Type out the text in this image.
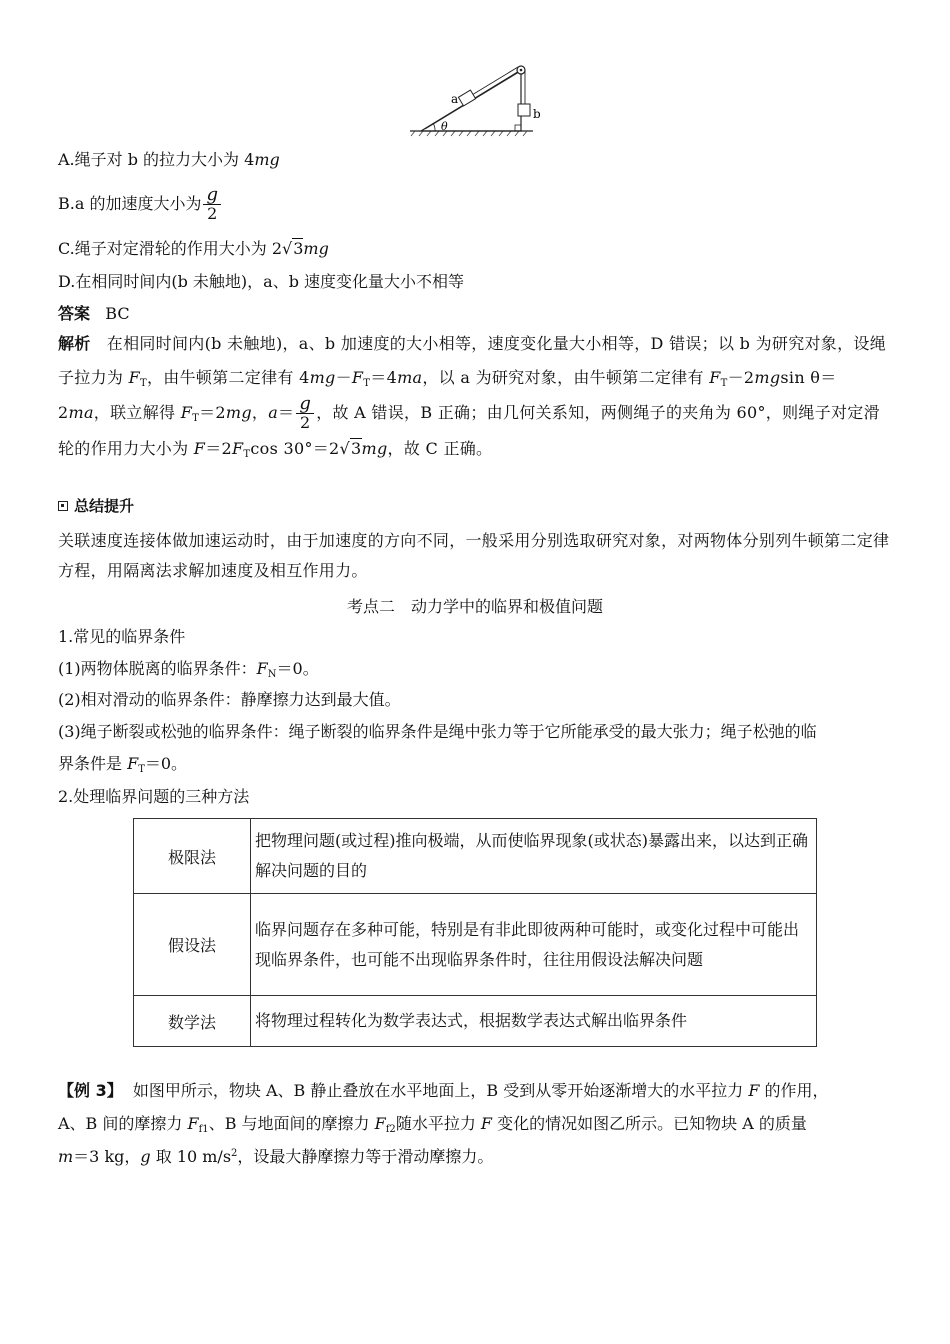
a
b
θ
A.绳子对 b 的拉力大小为 4mg
B.a 的加速度大小为 $\frac{g}{2}$
C.绳子对定滑轮的作用大小为 2√3mg
D.在相同时间内(b 未触地)，a、b 速度变化量大小不相等
答案 BC
解析 在相同时间内(b 未触地)，a、b 加速度的大小相等，速度变化量大小相等，D 错误；以 b 为研究对象，设绳子拉力为 $F_T$，由牛顿第二定律有 $4mg-F_T=4ma$，以 a 为研究对象，由牛顿第二定律有 $F_T-2mgsin$ θ＝
2ma，联立解得 $F_T=2mg$，$a= \frac{g}{2}$ ，故 A 错误，B 正确；由几何关系知，两侧绳子的夹角为 60°，则绳子对定滑轮的作用力大小为 $F=2F_T\cos$ 30°＝2√3mg，故 C 正确。
总结提升
关联速度连接体做加速运动时，由于加速度的方向不同，一般采用分别选取研究对象，对两物体分别列牛顿第二定律方程，用隔离法求解加速度及相互作用力。
考点二　动力学中的临界和极值问题
1.常见的临界条件
(1)两物体脱离的临界条件：$F_N=0$。
(2)相对滑动的临界条件：静摩擦力达到最大值。
(3)绳子断裂或松弛的临界条件：绳子断裂的临界条件是绳中张力等于它所能承受的最大张力；绳子松弛的临
界条件是 $F_T=0$。
2.处理临界问题的三种方法
极限法	把物理问题(或过程)推向极端，从而使临界现象(或状态)暴露出来，以达到正确解决问题的目的
假设法	临界问题存在多种可能，特别是有非此即彼两种可能时，或变化过程中可能出现临界条件，也可能不出现临界条件时，往往用假设法解决问题
数学法	将物理过程转化为数学表达式，根据数学表达式解出临界条件
【例 3】 如图甲所示，物块 A、B 静止叠放在水平地面上，B 受到从零开始逐渐增大的水平拉力 F 的作用，
A、B 间的摩擦力 $F_{f1}$、B 与地面间的摩擦力 $F_{f2}$随水平拉力 F 变化的情况如图乙所示。已知物块 A 的质量
m＝3 kg，g 取 10 $m/s^2$，设最大静摩擦力等于滑动摩擦力。
